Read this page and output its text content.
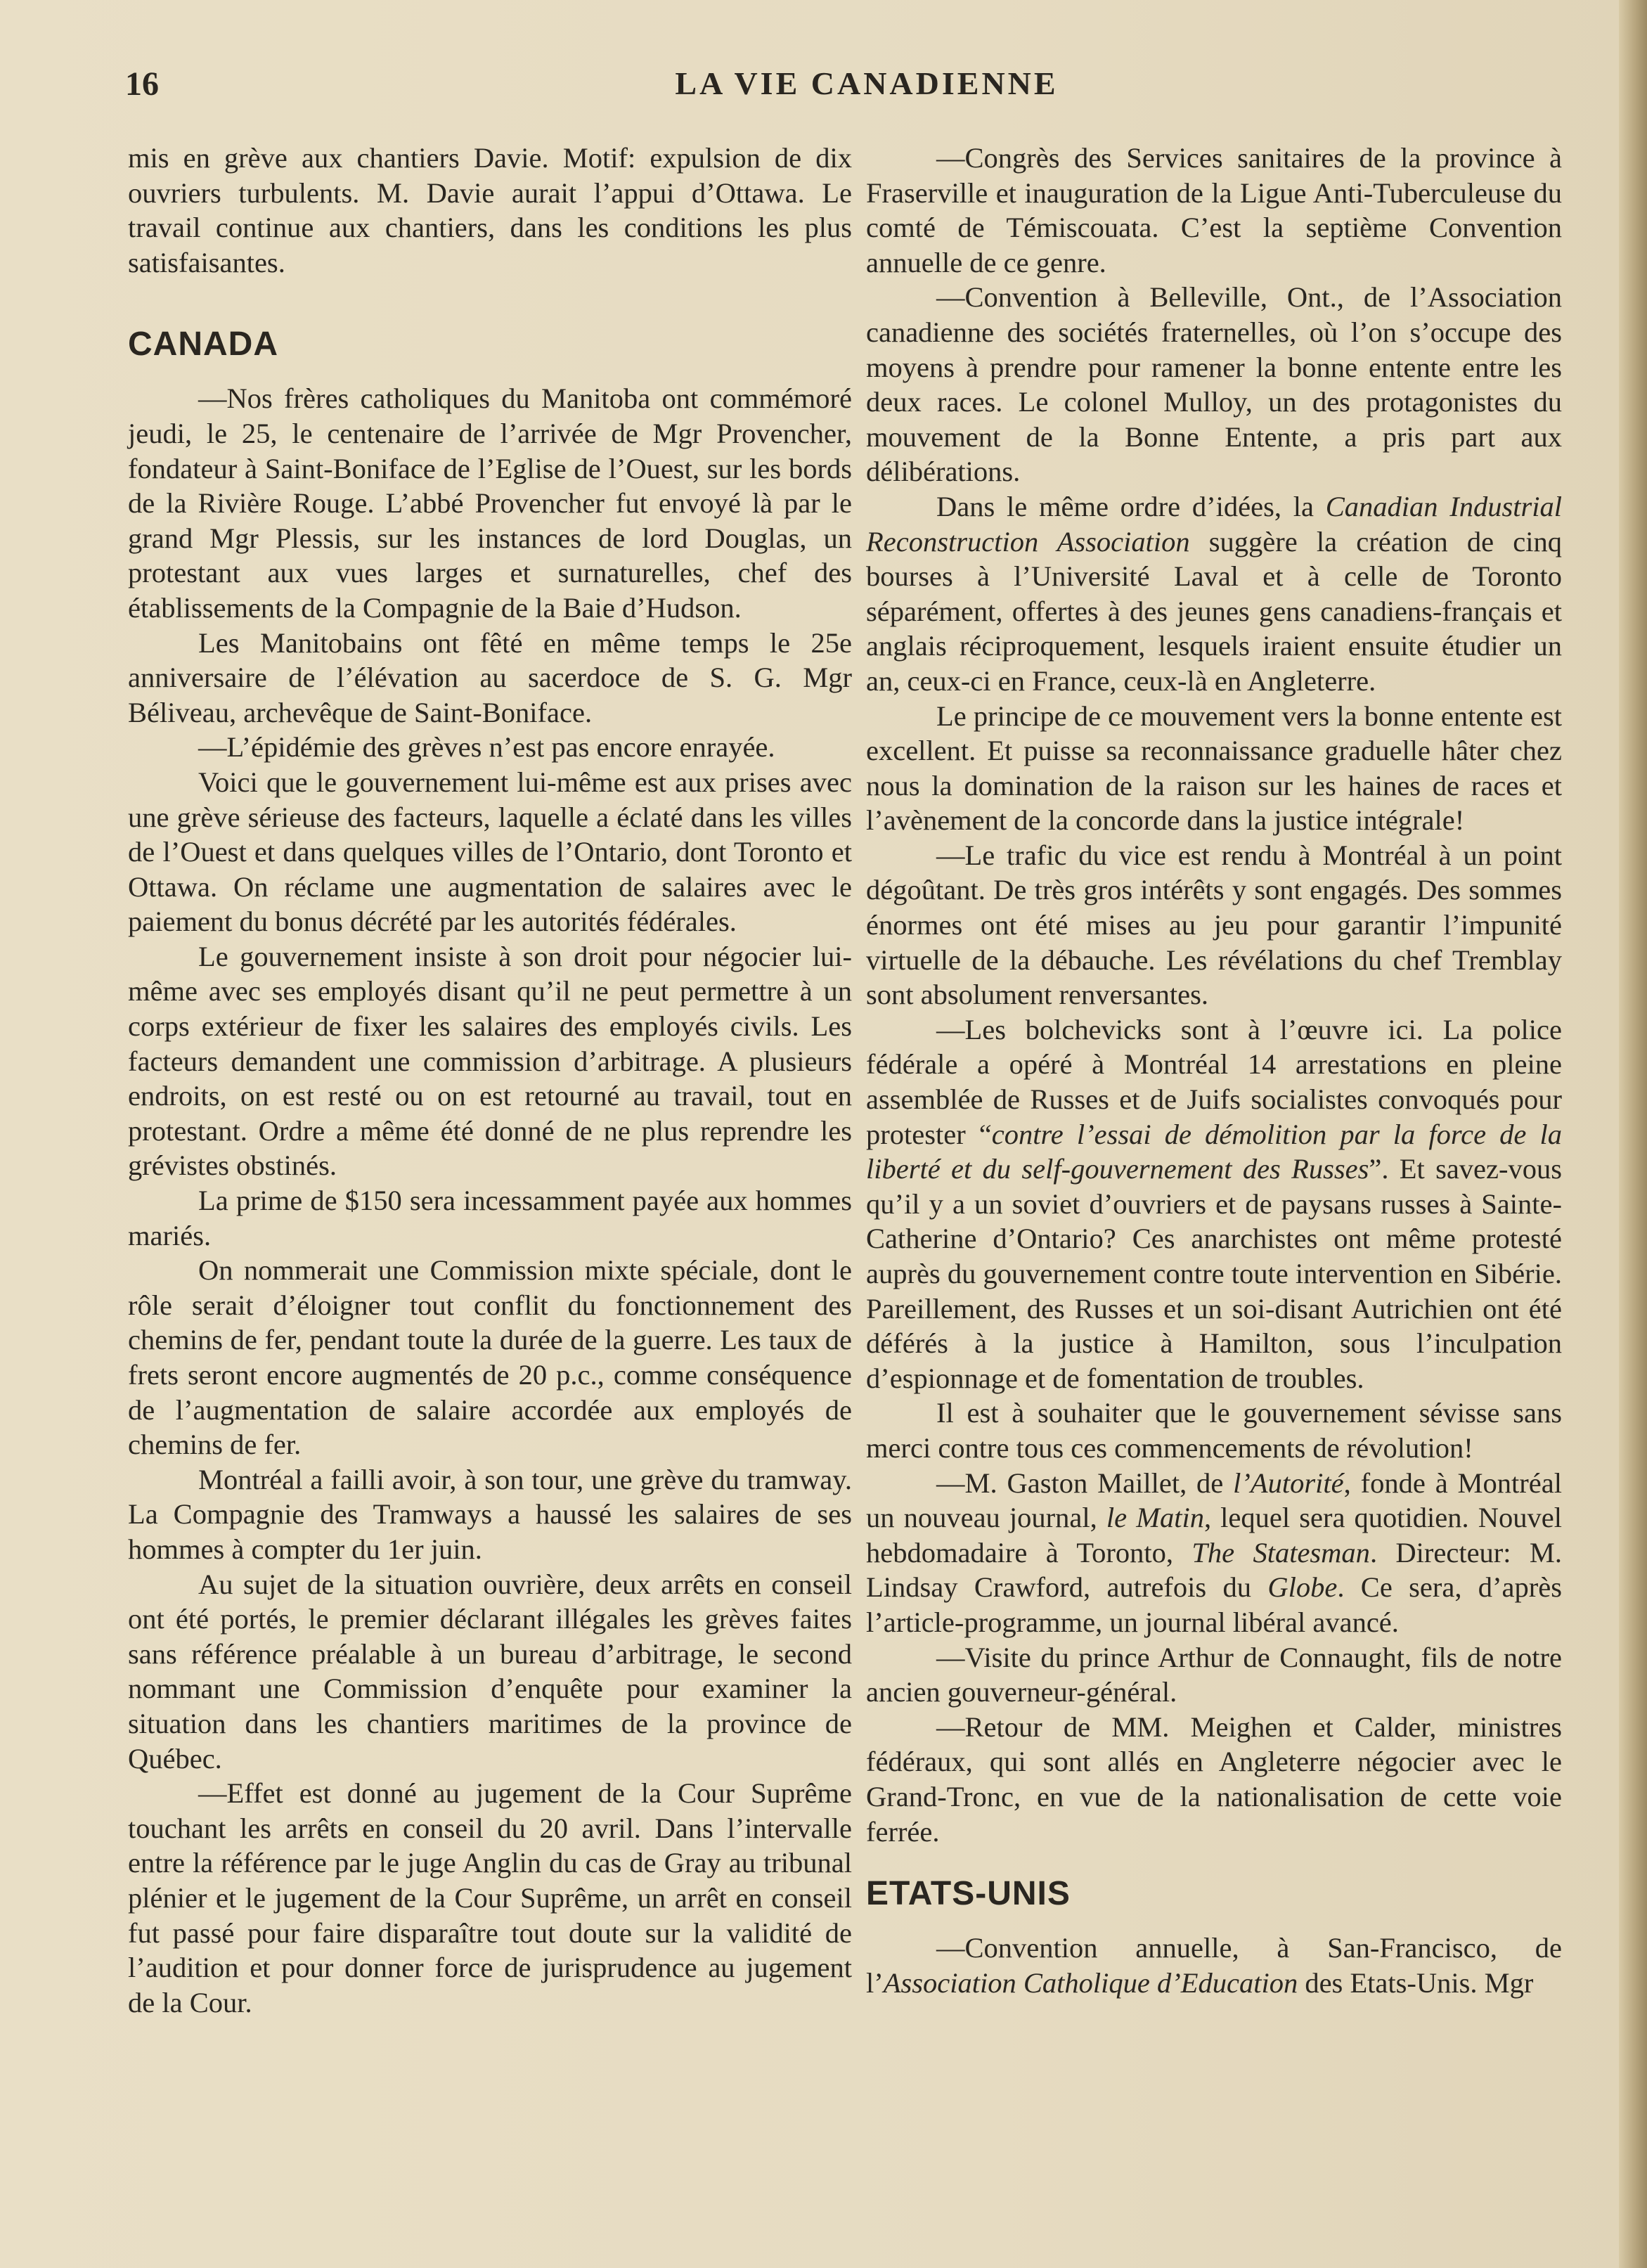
16	LA VIE CANADIENNE

mis en grève aux chantiers Davie. Motif: expulsion de dix ouvriers turbulents. M. Davie aurait l’appui d’Ottawa. Le travail continue aux chantiers, dans les conditions les plus satisfaisantes.

CANADA

—Nos frères catholiques du Manitoba ont commémoré jeudi, le 25, le centenaire de l’arrivée de Mgr Provencher, fondateur à Saint-Boniface de l’Eglise de l’Ouest, sur les bords de la Rivière Rouge. L’abbé Provencher fut envoyé là par le grand Mgr Plessis, sur les instances de lord Douglas, un protestant aux vues larges et surnaturelles, chef des établissements de la Compagnie de la Baie d’Hudson.

Les Manitobains ont fêté en même temps le 25e anniversaire de l’élévation au sacerdoce de S. G. Mgr Béliveau, archevêque de Saint-Boniface.

—L’épidémie des grèves n’est pas encore enrayée.

Voici que le gouvernement lui-même est aux prises avec une grève sérieuse des facteurs, laquelle a éclaté dans les villes de l’Ouest et dans quelques villes de l’Ontario, dont Toronto et Ottawa. On réclame une augmentation de salaires avec le paiement du bonus décrété par les autorités fédérales.

Le gouvernement insiste à son droit pour négocier lui-même avec ses employés disant qu’il ne peut permettre à un corps extérieur de fixer les salaires des employés civils. Les facteurs demandent une commission d’arbitrage. A plusieurs endroits, on est resté ou on est retourné au travail, tout en protestant. Ordre a même été donné de ne plus reprendre les grévistes obstinés.

La prime de $150 sera incessamment payée aux hommes mariés.

On nommerait une Commission mixte spéciale, dont le rôle serait d’éloigner tout conflit du fonctionnement des chemins de fer, pendant toute la durée de la guerre. Les taux de frets seront encore augmentés de 20 p.c., comme conséquence de l’augmentation de salaire accordée aux employés de chemins de fer.

Montréal a failli avoir, à son tour, une grève du tramway. La Compagnie des Tramways a haussé les salaires de ses hommes à compter du 1er juin.

Au sujet de la situation ouvrière, deux arrêts en conseil ont été portés, le premier déclarant illégales les grèves faites sans référence préalable à un bureau d’arbitrage, le second nommant une Commission d’enquête pour examiner la situation dans les chantiers maritimes de la province de Québec.

—Effet est donné au jugement de la Cour Suprême touchant les arrêts en conseil du 20 avril. Dans l’intervalle entre la référence par le juge Anglin du cas de Gray au tribunal plénier et le jugement de la Cour Suprême, un arrêt en conseil fut passé pour faire disparaître tout doute sur la validité de l’audition et pour donner force de jurisprudence au jugement de la Cour.

—Congrès des Services sanitaires de la province à Fraserville et inauguration de la Ligue Anti-Tuberculeuse du comté de Témiscouata. C’est la septième Convention annuelle de ce genre.

—Convention à Belleville, Ont., de l’Association canadienne des sociétés fraternelles, où l’on s’occupe des moyens à prendre pour ramener la bonne entente entre les deux races. Le colonel Mulloy, un des protagonistes du mouvement de la Bonne Entente, a pris part aux délibérations.

Dans le même ordre d’idées, la Canadian Industrial Reconstruction Association suggère la création de cinq bourses à l’Université Laval et à celle de Toronto séparément, offertes à des jeunes gens canadiens-français et anglais réciproquement, lesquels iraient ensuite étudier un an, ceux-ci en France, ceux-là en Angleterre.

Le principe de ce mouvement vers la bonne entente est excellent. Et puisse sa reconnaissance graduelle hâter chez nous la domination de la raison sur les haines de races et l’avènement de la concorde dans la justice intégrale!

—Le trafic du vice est rendu à Montréal à un point dégoûtant. De très gros intérêts y sont engagés. Des sommes énormes ont été mises au jeu pour garantir l’impunité virtuelle de la débauche. Les révélations du chef Tremblay sont absolument renversantes.

—Les bolchevicks sont à l’œuvre ici. La police fédérale a opéré à Montréal 14 arrestations en pleine assemblée de Russes et de Juifs socialistes convoqués pour protester “contre l’essai de démolition par la force de la liberté et du self-gouvernement des Russes”. Et savez-vous qu’il y a un soviet d’ouvriers et de paysans russes à Sainte-Catherine d’Ontario? Ces anarchistes ont même protesté auprès du gouvernement contre toute intervention en Sibérie. Pareillement, des Russes et un soi-disant Autrichien ont été déférés à la justice à Hamilton, sous l’inculpation d’espionnage et de fomentation de troubles.

Il est à souhaiter que le gouvernement sévisse sans merci contre tous ces commencements de révolution!

—M. Gaston Maillet, de l’Autorité, fonde à Montréal un nouveau journal, le Matin, lequel sera quotidien. Nouvel hebdomadaire à Toronto, The Statesman. Directeur: M. Lindsay Crawford, autrefois du Globe. Ce sera, d’après l’article-programme, un journal libéral avancé.

—Visite du prince Arthur de Connaught, fils de notre ancien gouverneur-général.

—Retour de MM. Meighen et Calder, ministres fédéraux, qui sont allés en Angleterre négocier avec le Grand-Tronc, en vue de la nationalisation de cette voie ferrée.

ETATS-UNIS

—Convention annuelle, à San-Francisco, de l’Association Catholique d’Education des Etats-Unis. Mgr
